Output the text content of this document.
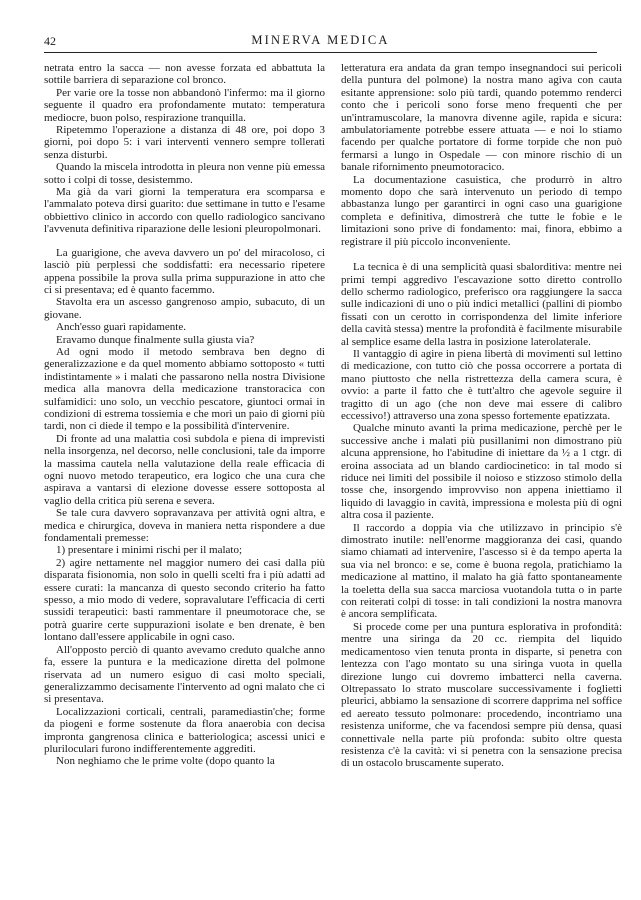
42	MINERVA MEDICA

netrata entro la sacca — non avesse forzata ed abbattuta la sottile barriera di separazione col bronco.

Per varie ore la tosse non abbandonò l'infermo: ma il giorno seguente il quadro era profondamente mutato: temperatura mediocre, buon polso, respirazione tranquilla.

Ripetemmo l'operazione a distanza di 48 ore, poi dopo 3 giorni, poi dopo 5: i vari interventi vennero sempre tollerati senza disturbi.

Quando la miscela introdotta in pleura non venne più emessa sotto i colpi di tosse, desistemmo.

Ma già da vari giorni la temperatura era scomparsa e l'ammalato poteva dirsi guarito: due settimane in tutto e l'esame obbiettivo clinico in accordo con quello radiologico sancivano l'avvenuta definitiva riparazione delle lesioni pleuropolmonari.

La guarigione, che aveva davvero un po' del miracoloso, ci lasciò più perplessi che soddisfatti: era necessario ripetere appena possibile la prova sulla prima suppurazione in atto che ci si presentava; ed è quanto facemmo.

Stavolta era un ascesso gangrenoso ampio, subacuto, di un giovane.

Anch'esso guarì rapidamente.

Eravamo dunque finalmente sulla giusta via?

Ad ogni modo il metodo sembrava ben degno di generalizzazione e da quel momento abbiamo sottoposto « tutti indistintamente » i malati che passarono nella nostra Divisione medica alla manovra della medicazione transtoracica con sulfamidici: uno solo, un vecchio pescatore, giuntoci ormai in condizioni di estrema tossiemia e che morì un paio di giorni più tardi, non ci diede il tempo e la possibilità d'intervenire.

Di fronte ad una malattia così subdola e piena di imprevisti nella insorgenza, nel decorso, nelle conclusioni, tale da imporre la massima cautela nella valutazione della reale efficacia di ogni nuovo metodo terapeutico, era logico che una cura che aspirava a vantarsi di elezione dovesse essere sottoposta al vaglio della critica più serena e severa.

Se tale cura davvero sopravanzava per attività ogni altra, e medica e chirurgica, doveva in maniera netta rispondere a due fondamentali premesse:

1) presentare i minimi rischi per il malato;

2) agire nettamente nel maggior numero dei casi dalla più disparata fisionomia, non solo in quelli scelti fra i più adatti ad essere curati: la mancanza di questo secondo criterio ha fatto spesso, a mio modo di vedere, sopravalutare l'efficacia di certi sussidi terapeutici: basti rammentare il pneumotorace che, se potrà guarire certe suppurazioni isolate e ben drenate, è ben lontano dall'essere applicabile in ogni caso.

All'opposto perciò di quanto avevamo creduto qualche anno fa, essere la puntura e la medicazione diretta del polmone riservata ad un numero esiguo di casi molto speciali, generalizzammo decisamente l'intervento ad ogni malato che ci si presentava.

Localizzazioni corticali, centrali, paramediastin'che; forme da piogeni e forme sostenute da flora anaerobia con decisa impronta gangrenosa clinica e batteriologica; ascessi unici e pluriloculari furono indifferentemente aggrediti.

Non neghiamo che le prime volte (dopo quanto la

letteratura era andata da gran tempo insegnandoci sui pericoli della puntura del polmone) la nostra mano agiva con cauta esitante apprensione: solo più tardi, quando potemmo renderci conto che i pericoli sono forse meno frequenti che per un'intramuscolare, la manovra divenne agile, rapida e sicura: ambulatoriamente potrebbe essere attuata — e noi lo stiamo facendo per qualche portatore di forme torpide che non può fermarsi a lungo in Ospedale — con minore rischio di un banale rifornimento pneumotoracico.

La documentazione casuistica, che produrrò in altro momento dopo che sarà intervenuto un periodo di tempo abbastanza lungo per garantirci in ogni caso una guarigione completa e definitiva, dimostrerà che tutte le fobie e le limitazioni sono prive di fondamento: mai, finora, ebbimo a registrare il più piccolo inconveniente.

La tecnica è di una semplicità quasi sbalorditiva: mentre nei primi tempi aggredivo l'escavazione sotto diretto controllo dello schermo radiologico, preferisco ora raggiungere la sacca sulle indicazioni di uno o più indici metallici (pallini di piombo fissati con un cerotto in corrispondenza del limite inferiore della cavità stessa) mentre la profondità è facilmente misurabile al semplice esame della lastra in posizione laterolaterale.

Il vantaggio di agire in piena libertà di movimenti sul lettino di medicazione, con tutto ciò che possa occorrere a portata di mano piuttosto che nella ristrettezza della camera scura, è ovvio: a parte il fatto che è tutt'altro che agevole seguire il tragitto di un ago (che non deve mai essere di calibro eccessivo!) attraverso una zona spesso fortemente epatizzata.

Qualche minuto avanti la prima medicazione, perchè per le successive anche i malati più pusillanimi non dimostrano più alcuna apprensione, ho l'abitudine di iniettare da ½ a 1 ctgr. di eroina associata ad un blando cardiocinetico: in tal modo si riduce nei limiti del possibile il noioso e stizzoso stimolo della tosse che, insorgendo improvviso non appena iniettiamo il liquido di lavaggio in cavità, impressiona e molesta più di ogni altra cosa il paziente.

Il raccordo a doppia via che utilizzavo in principio s'è dimostrato inutile: nell'enorme maggioranza dei casi, quando siamo chiamati ad intervenire, l'ascesso si è da tempo aperta la sua via nel bronco: e se, come è buona regola, pratichiamo la medicazione al mattino, il malato ha già fatto spontaneamente la toeletta della sua sacca marciosa vuotandola tutta o in parte con reiterati colpi di tosse: in tali condizioni la nostra manovra è ancora semplificata.

Si procede come per una puntura esplorativa in profondità: mentre una siringa da 20 cc. riempita del liquido medicamentoso vien tenuta pronta in disparte, si penetra con lentezza con l'ago montato su una siringa vuota in quella direzione lungo cui dovremo imbatterci nella caverna. Oltrepassato lo strato muscolare successivamente i foglietti pleurici, abbiamo la sensazione di scorrere dapprima nel soffice ed aereato tessuto polmonare: procedendo, incontriamo una resistenza uniforme, che va facendosi sempre più densa, quasi connettivale nella parte più profonda: subito oltre questa resistenza c'è la cavità: vi si penetra con la sensazione precisa di un ostacolo bruscamente superato.
